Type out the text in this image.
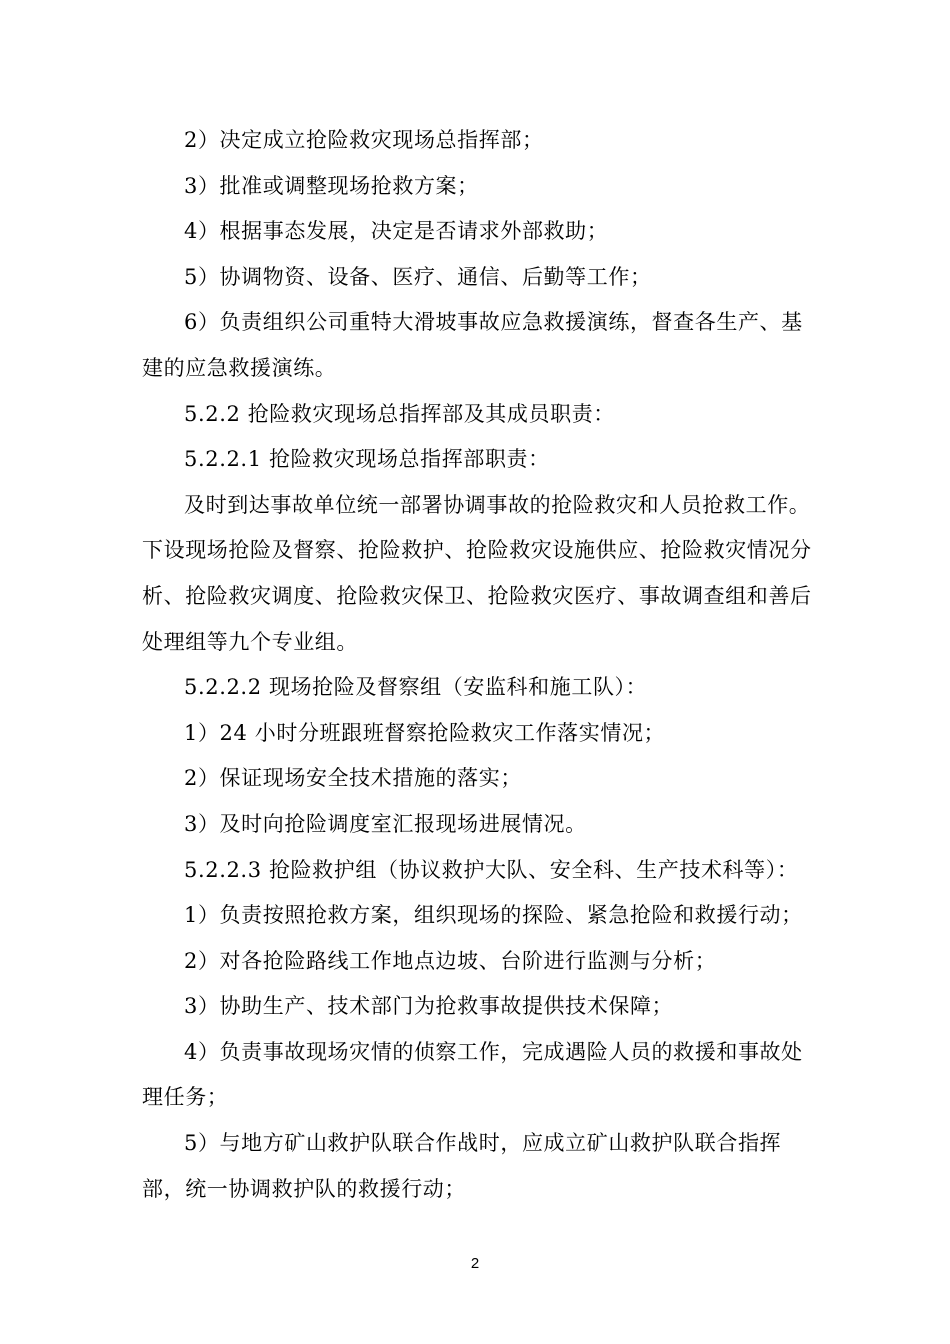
2）决定成立抢险救灾现场总指挥部；

3）批准或调整现场抢救方案；

4）根据事态发展，决定是否请求外部救助；

5）协调物资、设备、医疗、通信、后勤等工作；

6）负责组织公司重特大滑坡事故应急救援演练，督查各生产、基建的应急救援演练。

5.2.2 抢险救灾现场总指挥部及其成员职责：

5.2.2.1 抢险救灾现场总指挥部职责：

及时到达事故单位统一部署协调事故的抢险救灾和人员抢救工作。下设现场抢险及督察、抢险救护、抢险救灾设施供应、抢险救灾情况分析、抢险救灾调度、抢险救灾保卫、抢险救灾医疗、事故调查组和善后处理组等九个专业组。

5.2.2.2 现场抢险及督察组（安监科和施工队）：

1）24 小时分班跟班督察抢险救灾工作落实情况；

2）保证现场安全技术措施的落实；

3）及时向抢险调度室汇报现场进展情况。

5.2.2.3 抢险救护组（协议救护大队、安全科、生产技术科等）：

1）负责按照抢救方案，组织现场的探险、紧急抢险和救援行动；

2）对各抢险路线工作地点边坡、台阶进行监测与分析；

3）协助生产、技术部门为抢救事故提供技术保障；

4）负责事故现场灾情的侦察工作，完成遇险人员的救援和事故处理任务；

5）与地方矿山救护队联合作战时，应成立矿山救护队联合指挥部，统一协调救护队的救援行动；

2
